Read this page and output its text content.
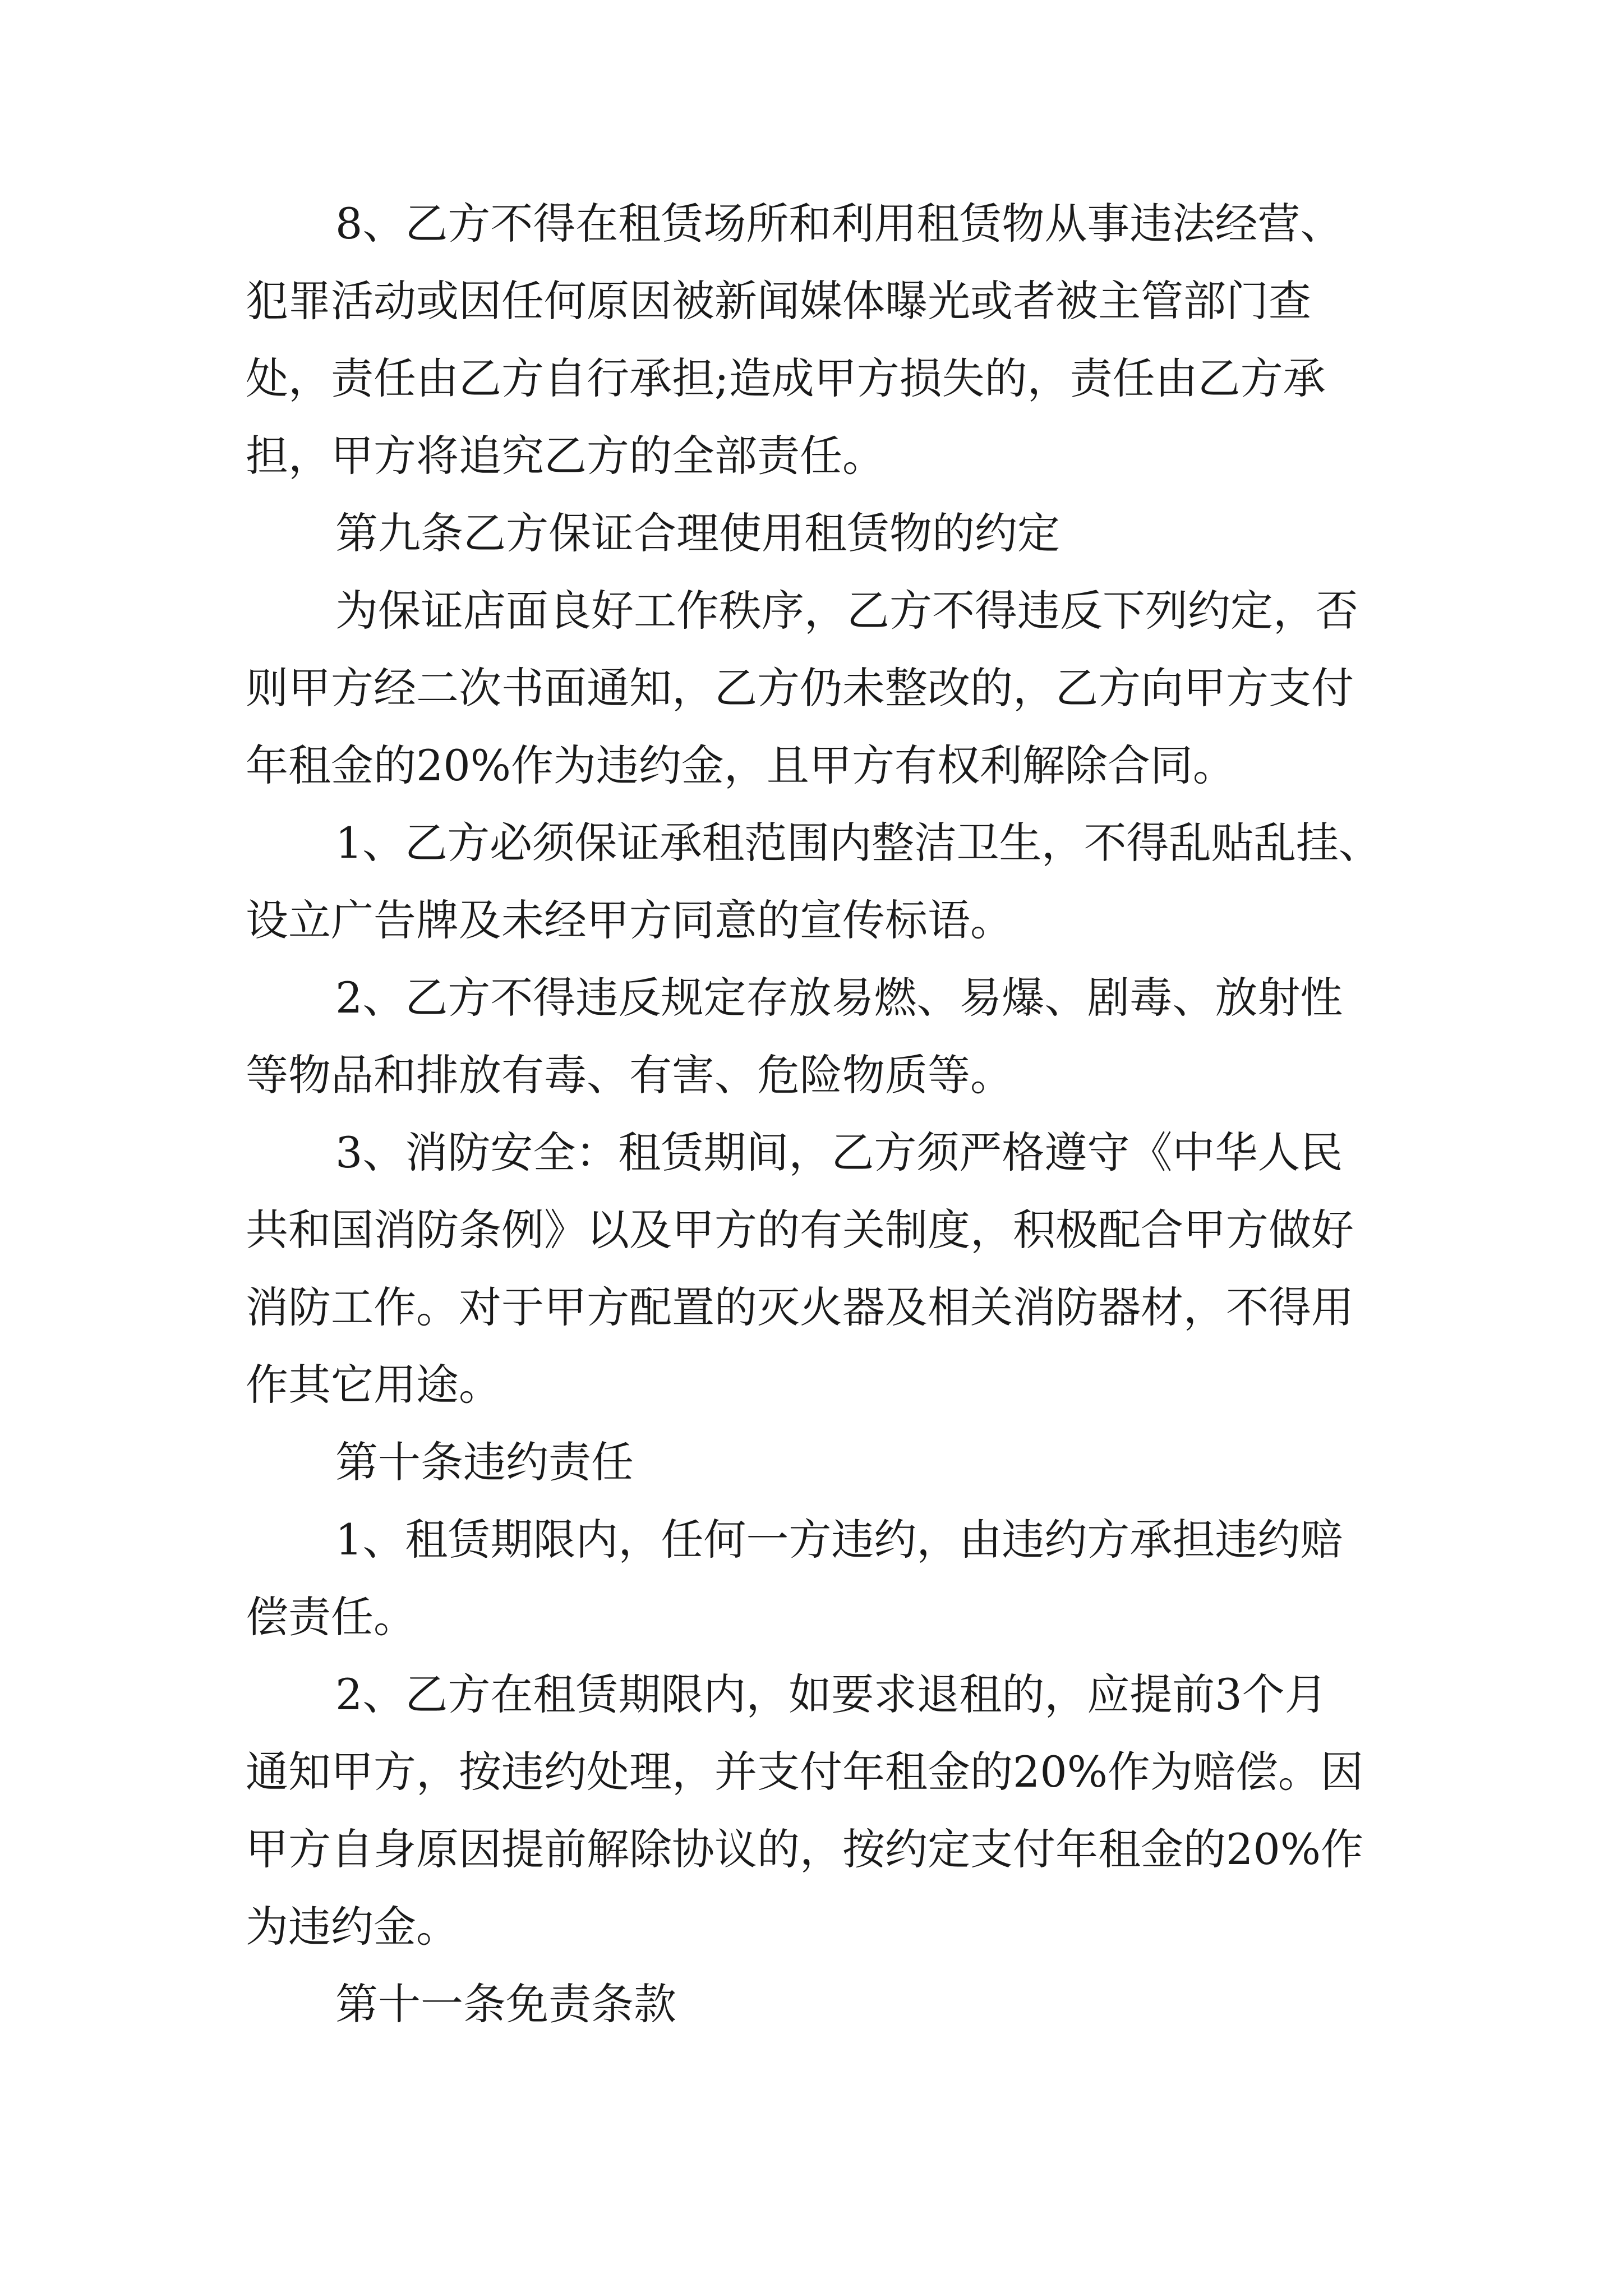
8、乙方不得在租赁场所和利用租赁物从事违法经营、
犯罪活动或因任何原因被新闻媒体曝光或者被主管部门查
处，责任由乙方自行承担;造成甲方损失的，责任由乙方承
担，甲方将追究乙方的全部责任。
第九条乙方保证合理使用租赁物的约定
为保证店面良好工作秩序，乙方不得违反下列约定，否
则甲方经二次书面通知，乙方仍未整改的，乙方向甲方支付
年租金的20%作为违约金，且甲方有权利解除合同。
1、乙方必须保证承租范围内整洁卫生，不得乱贴乱挂、
设立广告牌及未经甲方同意的宣传标语。
2、乙方不得违反规定存放易燃、易爆、剧毒、放射性
等物品和排放有毒、有害、危险物质等。
3、消防安全：租赁期间，乙方须严格遵守《中华人民
共和国消防条例》以及甲方的有关制度，积极配合甲方做好
消防工作。对于甲方配置的灭火器及相关消防器材，不得用
作其它用途。
第十条违约责任
1、租赁期限内，任何一方违约，由违约方承担违约赔
偿责任。
2、乙方在租赁期限内，如要求退租的，应提前3个月
通知甲方，按违约处理，并支付年租金的20%作为赔偿。因
甲方自身原因提前解除协议的，按约定支付年租金的20%作
为违约金。
第十一条免责条款
